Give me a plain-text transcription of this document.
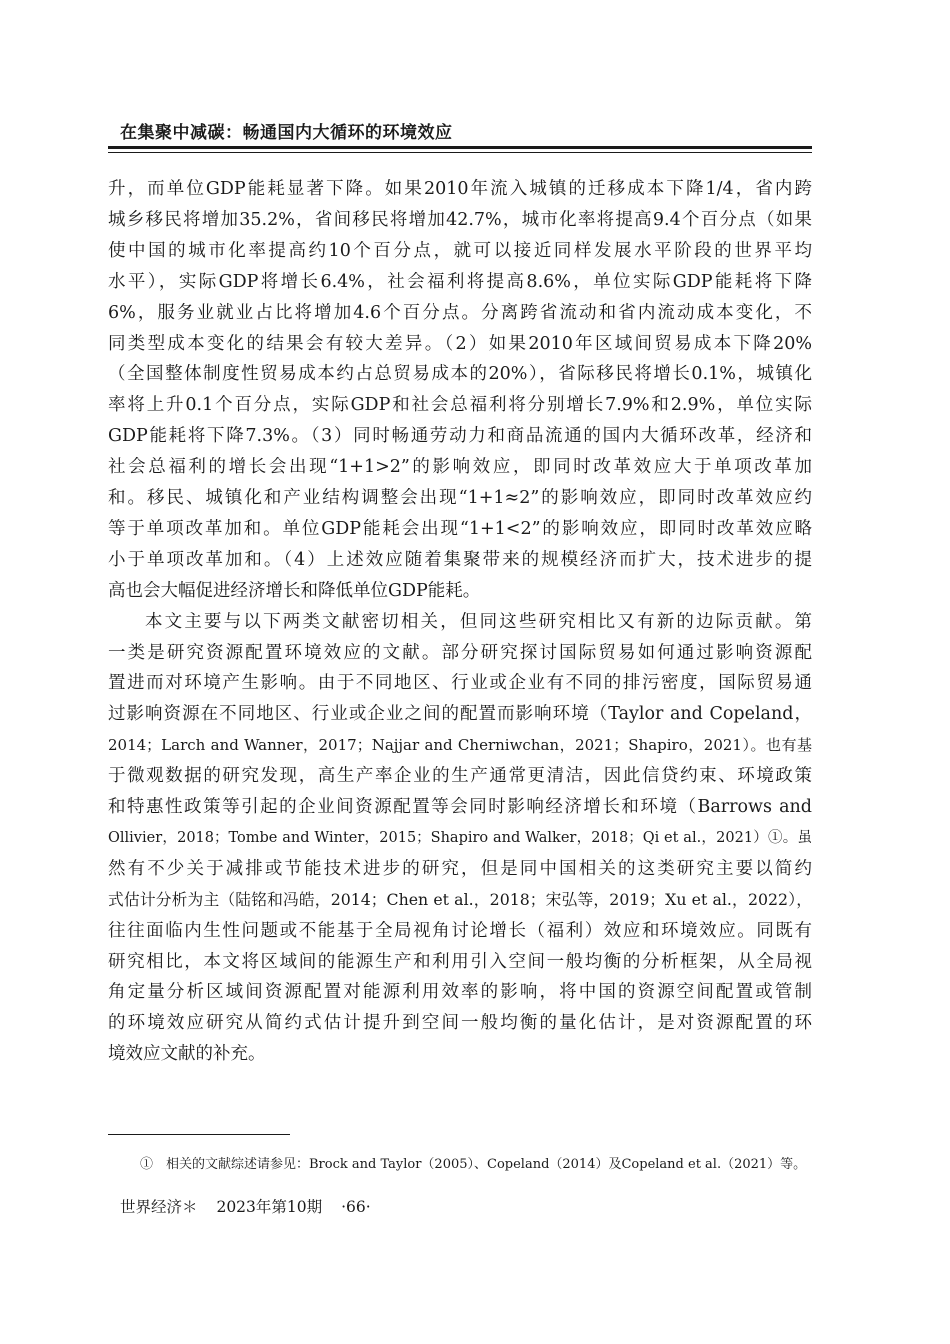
在集聚中减碳：畅通国内大循环的环境效应
升，而单位GDP能耗显著下降。如果2010年流入城镇的迁移成本下降1/4，省内跨
城乡移民将增加35.2%，省间移民将增加42.7%，城市化率将提高9.4个百分点（如果
使中国的城市化率提高约10个百分点，就可以接近同样发展水平阶段的世界平均
水平），实际GDP将增长6.4%，社会福利将提高8.6%，单位实际GDP能耗将下降
6%，服务业就业占比将增加4.6个百分点。分离跨省流动和省内流动成本变化，不
同类型成本变化的结果会有较大差异。（2）如果2010年区域间贸易成本下降20%
（全国整体制度性贸易成本约占总贸易成本的20%），省际移民将增长0.1%，城镇化
率将上升0.1个百分点，实际GDP和社会总福利将分别增长7.9%和2.9%，单位实际
GDP能耗将下降7.3%。（3）同时畅通劳动力和商品流通的国内大循环改革，经济和
社会总福利的增长会出现“1+1>2”的影响效应，即同时改革效应大于单项改革加
和。移民、城镇化和产业结构调整会出现“1+1≈2”的影响效应，即同时改革效应约
等于单项改革加和。单位GDP能耗会出现“1+1<2”的影响效应，即同时改革效应略
小于单项改革加和。（4）上述效应随着集聚带来的规模经济而扩大，技术进步的提
高也会大幅促进经济增长和降低单位GDP能耗。
本文主要与以下两类文献密切相关，但同这些研究相比又有新的边际贡献。第
一类是研究资源配置环境效应的文献。部分研究探讨国际贸易如何通过影响资源配
置进而对环境产生影响。由于不同地区、行业或企业有不同的排污密度，国际贸易通
过影响资源在不同地区、行业或企业之间的配置而影响环境（Taylor and Copeland，
2014；Larch and Wanner，2017；Najjar and Cherniwchan，2021；Shapiro，2021）。也有基
于微观数据的研究发现，高生产率企业的生产通常更清洁，因此信贷约束、环境政策
和特惠性政策等引起的企业间资源配置等会同时影响经济增长和环境（Barrows and
Ollivier，2018；Tombe and Winter，2015；Shapiro and Walker，2018；Qi et al.，2021）①。虽
然有不少关于减排或节能技术进步的研究，但是同中国相关的这类研究主要以简约
式估计分析为主（陆铭和冯皓，2014；Chen et al.，2018；宋弘等，2019；Xu et al.，2022），
往往面临内生性问题或不能基于全局视角讨论增长（福利）效应和环境效应。同既有
研究相比，本文将区域间的能源生产和利用引入空间一般均衡的分析框架，从全局视
角定量分析区域间资源配置对能源利用效率的影响，将中国的资源空间配置或管制
的环境效应研究从简约式估计提升到空间一般均衡的量化估计，是对资源配置的环
境效应文献的补充。
①　相关的文献综述请参见：Brock and Taylor（2005）、Copeland（2014）及Copeland et al.（2021）等。
世界经济＊ 2023年第10期 ·66·
